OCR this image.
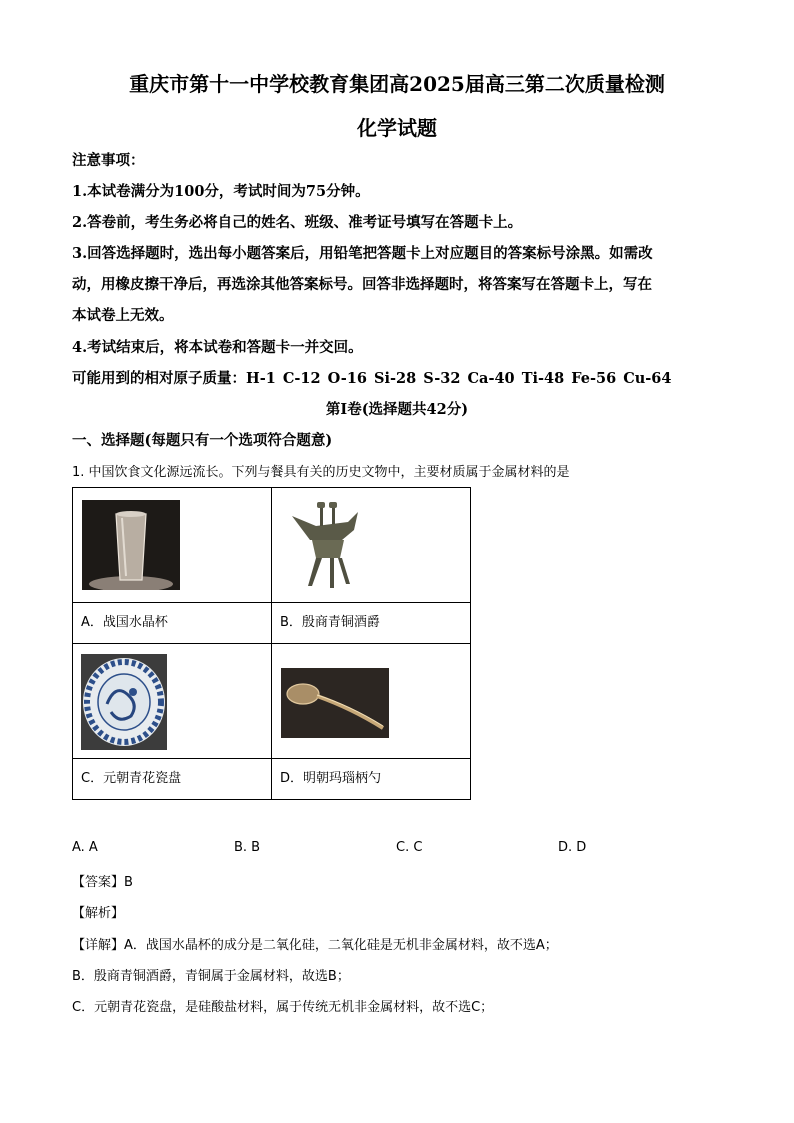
重庆市第十一中学校教育集团高2025届高三第二次质量检测
化学试题
注意事项：
1.本试卷满分为100分，考试时间为75分钟。
2.答卷前，考生务必将自己的姓名、班级、准考证号填写在答题卡上。
3.回答选择题时，选出每小题答案后，用铅笔把答题卡上对应题目的答案标号涂黑。如需改
动，用橡皮擦干净后，再选涂其他答案标号。回答非选择题时，将答案写在答题卡上，写在
本试卷上无效。
4.考试结束后，将本试卷和答题卡一并交回。
可能用到的相对原子质量：H-1 C-12 O-16 Si-28 S-32 Ca-40 Ti-48 Fe-56 Cu-64
第Ⅰ卷(选择题共42分)
一、选择题(每题只有一个选项符合题意)
1. 中国饮食文化源远流长。下列与餐具有关的历史文物中，主要材质属于金属材料的是

A．战国水晶杯	B．殷商青铜酒爵

C．元朝青花瓷盘	D．明朝玛瑙柄勺
A. A	B. B	C. C	D. D
【答案】B
【解析】
【详解】A．战国水晶杯的成分是二氧化硅，二氧化硅是无机非金属材料，故不选A；
B．殷商青铜酒爵，青铜属于金属材料，故选B；
C．元朝青花瓷盘，是硅酸盐材料，属于传统无机非金属材料，故不选C；
